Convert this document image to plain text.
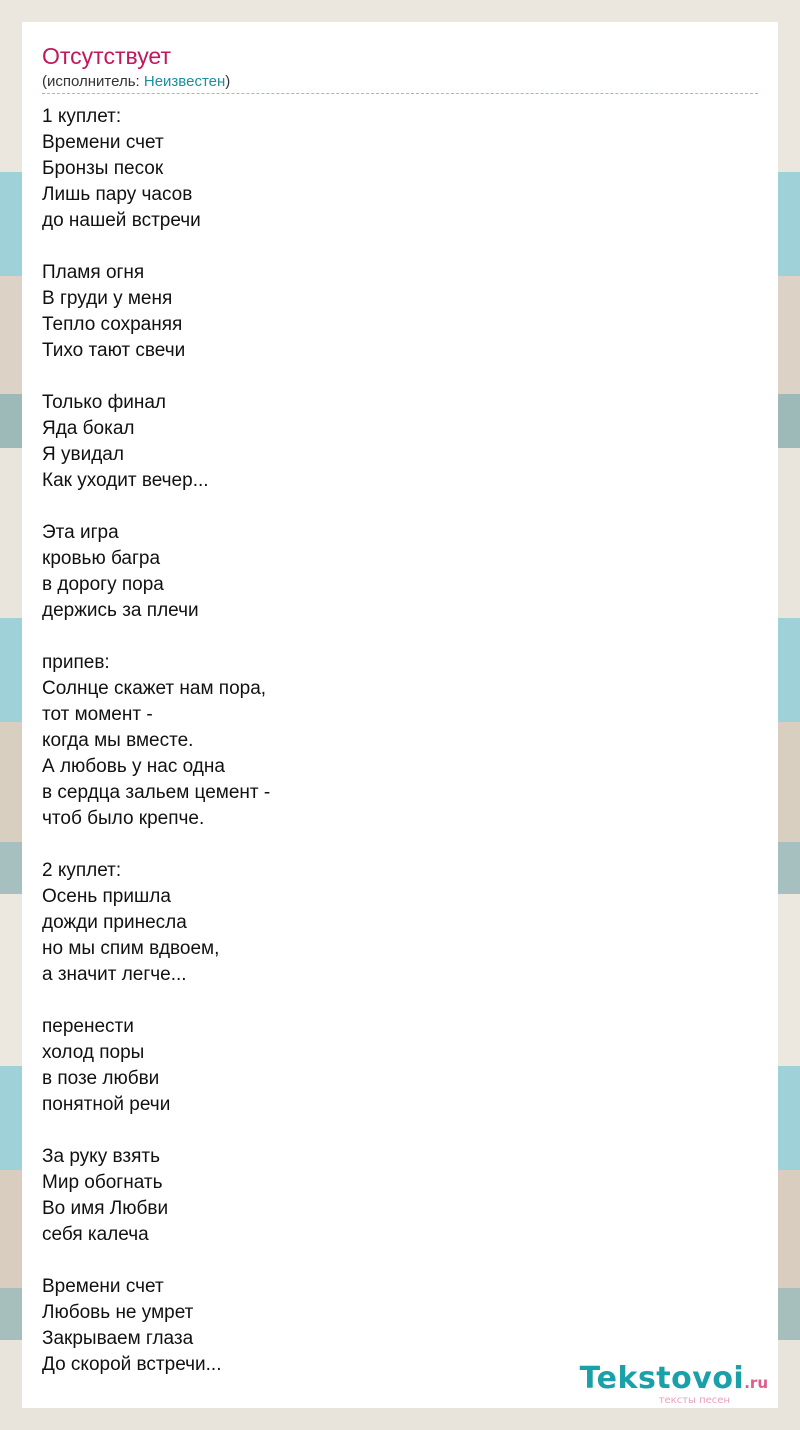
Отсутствует
(исполнитель: Неизвестен)
1 куплет:
Времени счет
Бронзы песок
Лишь пару часов
до нашей встречи

Пламя огня
В груди у меня
Тепло сохраняя
Тихо тают свечи

Только финал
Яда бокал
Я увидал
Как уходит вечер...

Эта игра
кровью багра
в дорогу пора
держись за плечи

припев:
Солнце скажет нам пора,
тот момент -
когда мы вместе.
А любовь у нас одна
в сердца зальем цемент -
чтоб было крепче.

2 куплет:
Осень пришла
дожди принесла
но мы спим вдвоем,
а значит легче...

перенести
холод поры
в позе любви
понятной речи

За руку взять
Мир обогнать
Во имя Любви
себя калеча

Времени счет
Любовь не умрет
Закрываем глаза
До скорой встречи...	Tekstovoi.ru
тексты песен
